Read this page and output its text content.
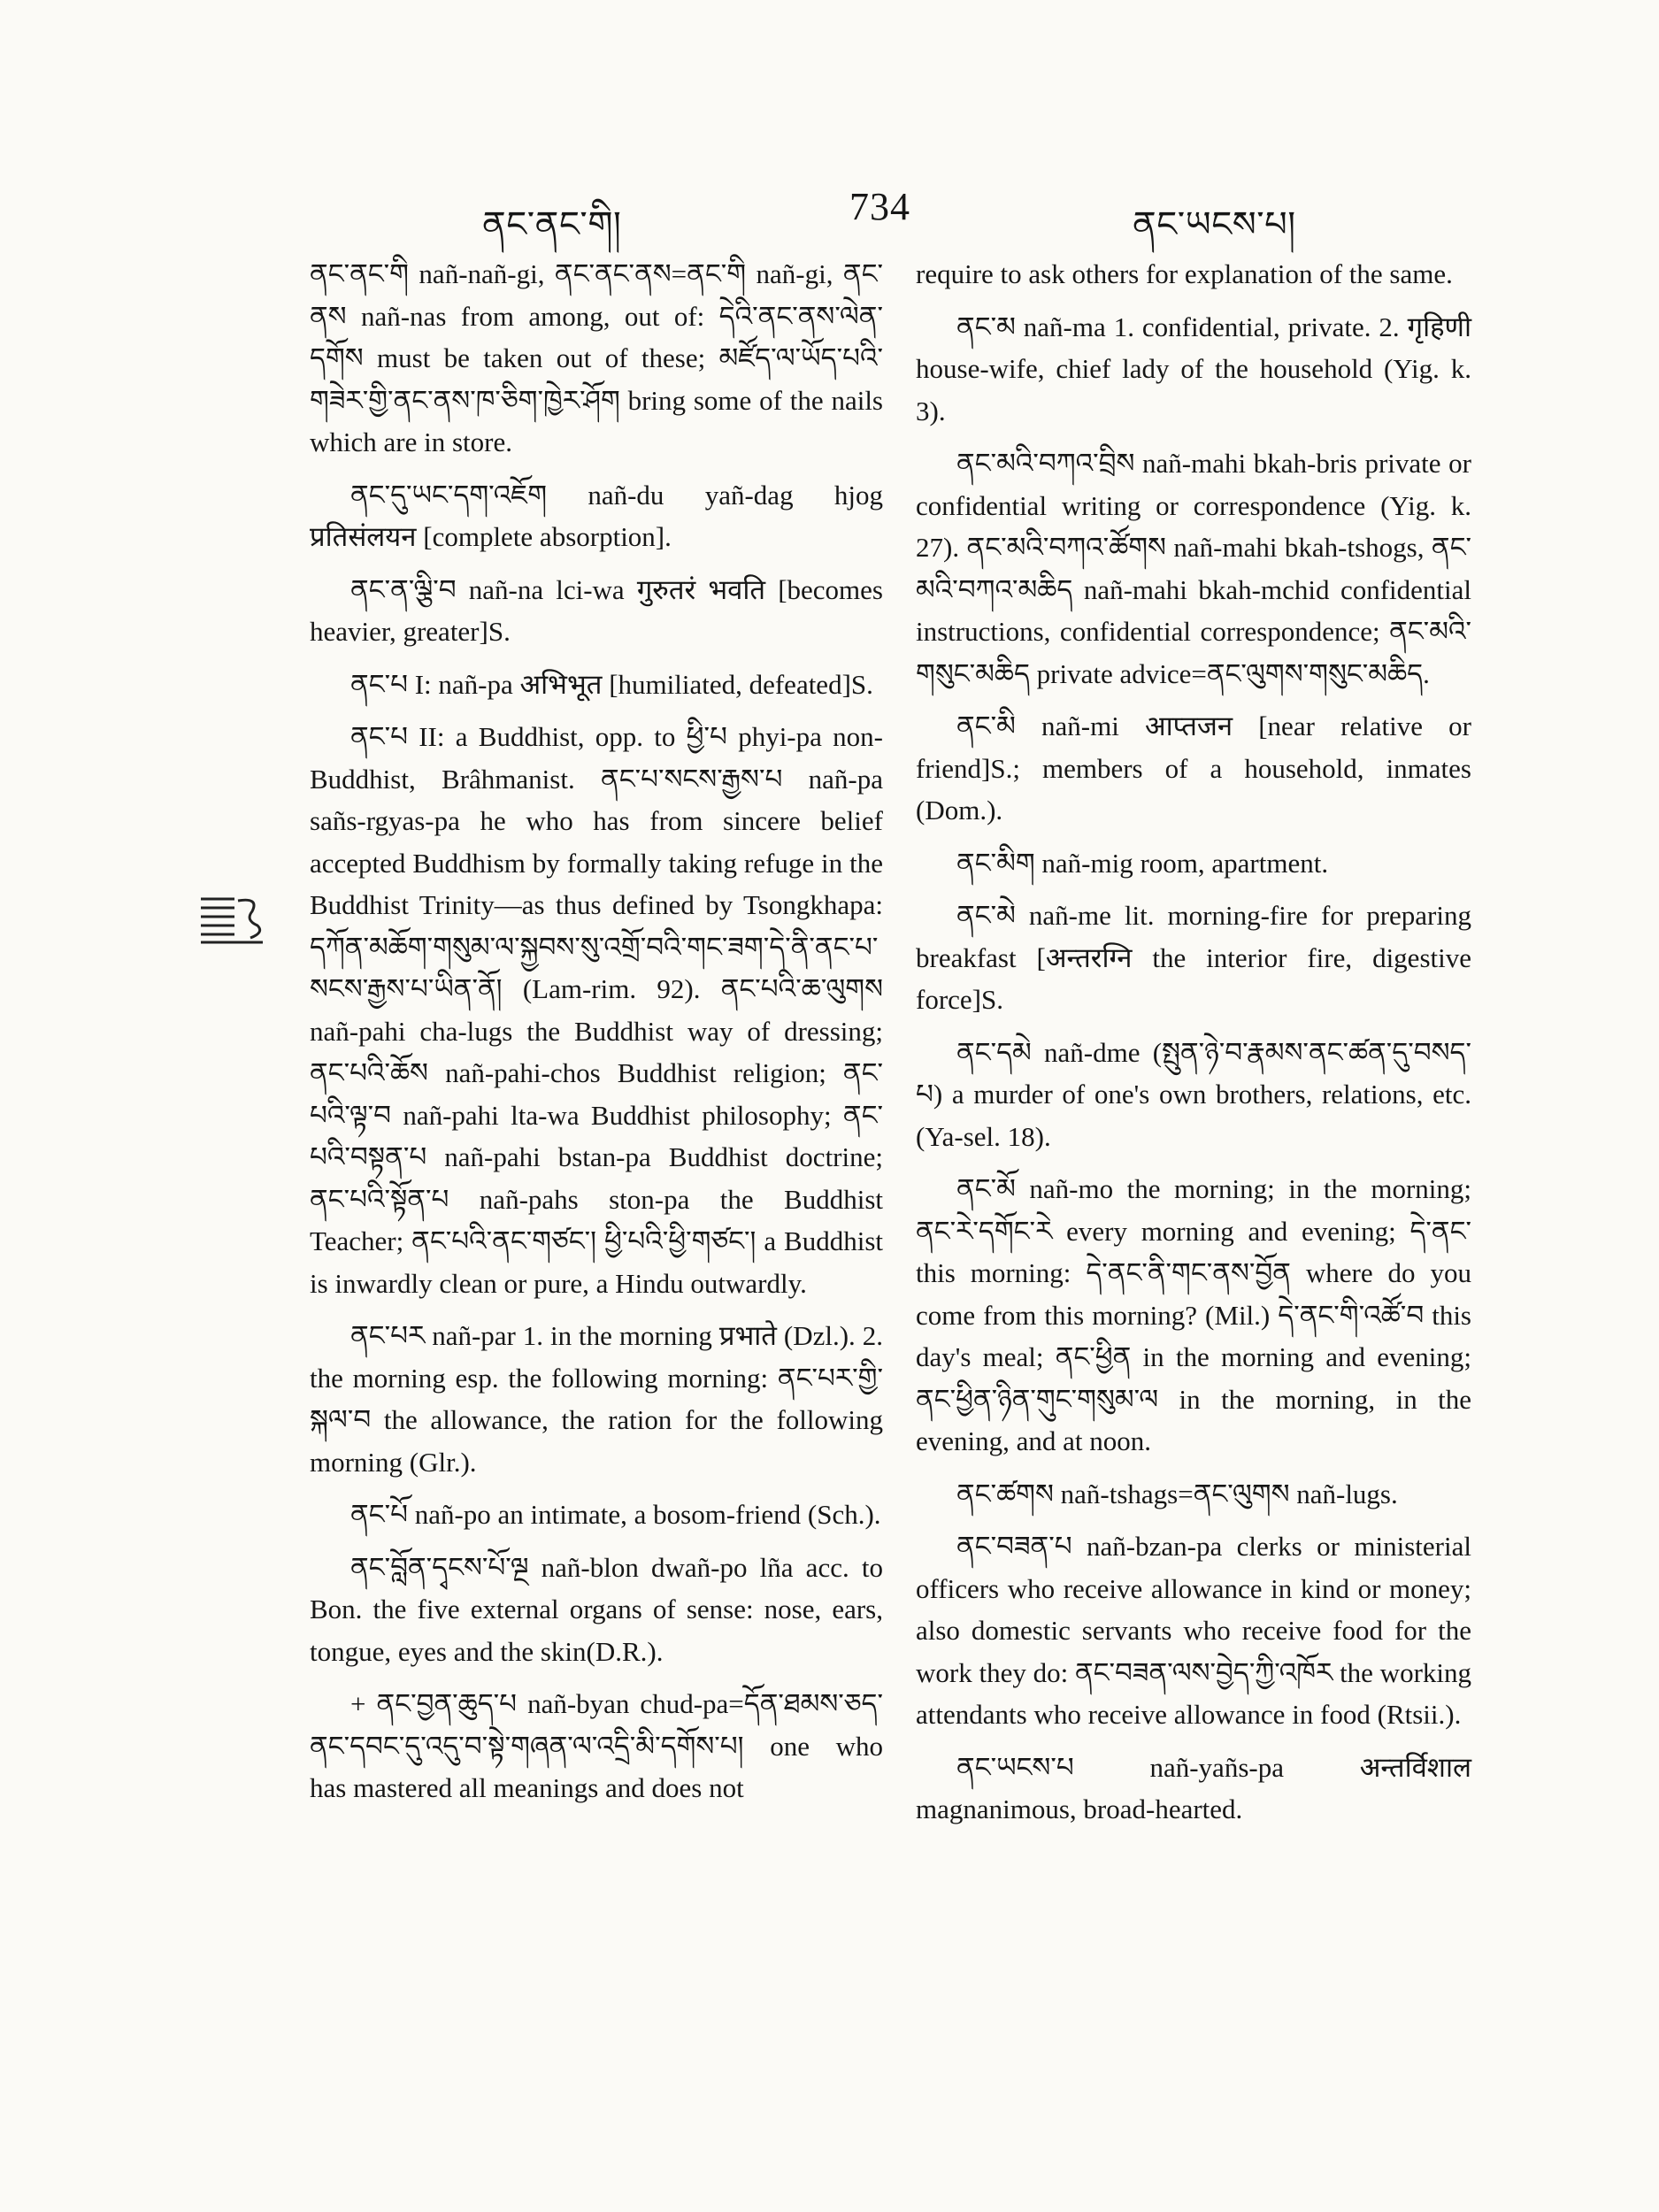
ནང་ནང་གི།	734	ནང་ཡངས་པ།
ཨཱཿ

ནང་ནང་གི nañ-nañ-gi, ནང་ནང་ནས=ནང་གི nañ-gi, ནང་ནས nañ-nas from among, out of: དེའི་ནང་ནས་ལེན་དགོས must be taken out of these; མཛོད་ལ་ཡོད་པའི་གཟེར་གྱི་ནང་ནས་ཁ་ཅིག་ཁྱེར་ཤོག bring some of the nails which are in store.

ནང་དུ་ཡང་དག་འཇོག nañ-du yañ-dag hjog प्रतिसंलयन [complete absorption].

ནང་ན་ལྕི་བ nañ-na lci-wa गुरुतरं भवति [becomes heavier, greater]S.

ནང་པ I: nañ-pa अभिभूत [humiliated, defeated]S.

ནང་པ II: a Buddhist, opp. to ཕྱི་པ phyi-pa non-Buddhist, Brâhmanist. ནང་པ་སངས་རྒྱས་པ nañ-pa sañs-rgyas-pa he who has from sincere belief accepted Buddhism by formally taking refuge in the Buddhist Trinity—as thus defined by Tsongkhapa: དཀོན་མཆོག་གསུམ་ལ་སྐྱབས་སུ་འགྲོ་བའི་གང་ཟག་དེ་ནི་ནང་པ་སངས་རྒྱས་པ་ཡིན་ནོ། (Lam-rim. 92). ནང་པའི་ཆ་ལུགས nañ-pahi cha-lugs the Buddhist way of dressing; ནང་པའི་ཆོས nañ-pahi-chos Buddhist religion; ནང་པའི་ལྟ་བ nañ-pahi lta-wa Buddhist philosophy; ནང་པའི་བསྟན་པ nañ-pahi bstan-pa Buddhist doctrine; ནང་པའི་སྟོན་པ nañ-pahs ston-pa the Buddhist Teacher; ནང་པའི་ནང་གཙང་། ཕྱི་པའི་ཕྱི་གཙང་། a Buddhist is inwardly clean or pure, a Hindu outwardly.

ནང་པར nañ-par 1. in the morning प्रभाते (Dzl.). 2. the morning esp. the following morning: ནང་པར་གྱི་སྐལ་བ the allowance, the ration for the following morning (Glr.).

ནང་པོ nañ-po an intimate, a bosom-friend (Sch.).

ནང་བློན་དྭངས་པོ་ལྔ nañ-blon dwañ-po lña acc. to Bon. the five external organs of sense: nose, ears, tongue, eyes and the skin(D.R.).

+ ནང་བྱན་ཆུད་པ nañ-byan chud-pa=དོན་ཐམས་ཅད་ནང་དབང་དུ་འདུ་བ་སྟེ་གཞན་ལ་འདྲི་མི་དགོས་པ། one who has mastered all meanings and does not

require to ask others for explanation of the same.

ནང་མ nañ-ma 1. confidential, private. 2. गृहिणी house-wife, chief lady of the household (Yig. k. 3).

ནང་མའི་བཀའ་བྲིས nañ-mahi bkah-bris private or confidential writing or correspondence (Yig. k. 27). ནང་མའི་བཀའ་ཚོགས nañ-mahi bkah-tshogs, ནང་མའི་བཀའ་མཆིད nañ-mahi bkah-mchid confidential instructions, confidential correspondence; ནང་མའི་གསུང་མཆིད private advice=ནང་ལུགས་གསུང་མཆིད.

ནང་མི nañ-mi आप्तजन [near relative or friend]S.; members of a household, inmates (Dom.).

ནང་མིག nañ-mig room, apartment.

ནང་མེ nañ-me lit. morning-fire for preparing breakfast [अन्तरग्नि the interior fire, digestive force]S.

ནང་དམེ nañ-dme (སྤུན་ཉེ་བ་རྣམས་ནང་ཚན་དུ་བསད་པ) a murder of one's own brothers, relations, etc. (Ya-sel. 18).

ནང་མོ nañ-mo the morning; in the morning; ནང་རེ་དགོང་རེ every morning and evening; དེ་ནང་ this morning: དེ་ནང་ནི་གང་ནས་བྱོན where do you come from this morning? (Mil.) དེ་ནང་གི་འཚོ་བ this day's meal; ནང་ཕྱིན in the morning and evening; ནང་ཕྱིན་ཉིན་གུང་གསུམ་ལ in the morning, in the evening, and at noon.

ནང་ཚགས nañ-tshags=ནང་ལུགས nañ-lugs.

ནང་བཟན་པ nañ-bzan-pa clerks or ministerial officers who receive allowance in kind or money; also domestic servants who receive food for the work they do: ནང་བཟན་ལས་བྱེད་ཀྱི་འཁོར the working attendants who receive allowance in food (Rtsii.).

ནང་ཡངས་པ nañ-yañs-pa अन्तर्विशाल magnanimous, broad-hearted.
